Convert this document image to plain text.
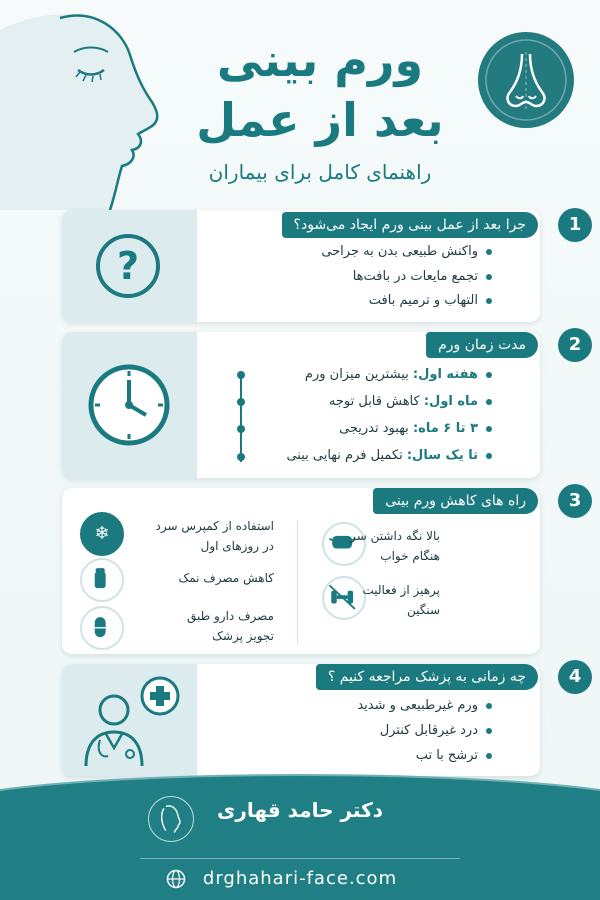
ورم بینی
بعد از عمل
راهنمای کامل برای بیماران
?
1
جرا بعد از عمل بینی ورم ایجاد می‌شود؟
واکنش طبیعی بدن به جراحی
تجمع مایعات در بافت‌ها
التهاب و ترمیم بافت
2
مدت زمان ورم
هفته اول: بیشترین میزان ورم
ماه اول: کاهش قابل توجه
۳ تا ۶ ماه: بهبود تدریجی
تا یک سال: تکمیل فرم نهایی بینی
3
راه های کاهش ورم بینی
بالا نگه داشتن سر
هنگام خواب
پرهیز از فعالیت
سنگین
❄	استفاده از کمپرس سرد
در روزهای اول
کاهش مصرف نمک
مصرف دارو طبق
تجویز پزشک
4
چه زمانی به پزشک مراجعه کنیم ؟
ورم غیرطبیعی و شدید
درد غیرقابل کنترل
ترشح با تب
دکتر حامد قهاری
drghahari-face.com
